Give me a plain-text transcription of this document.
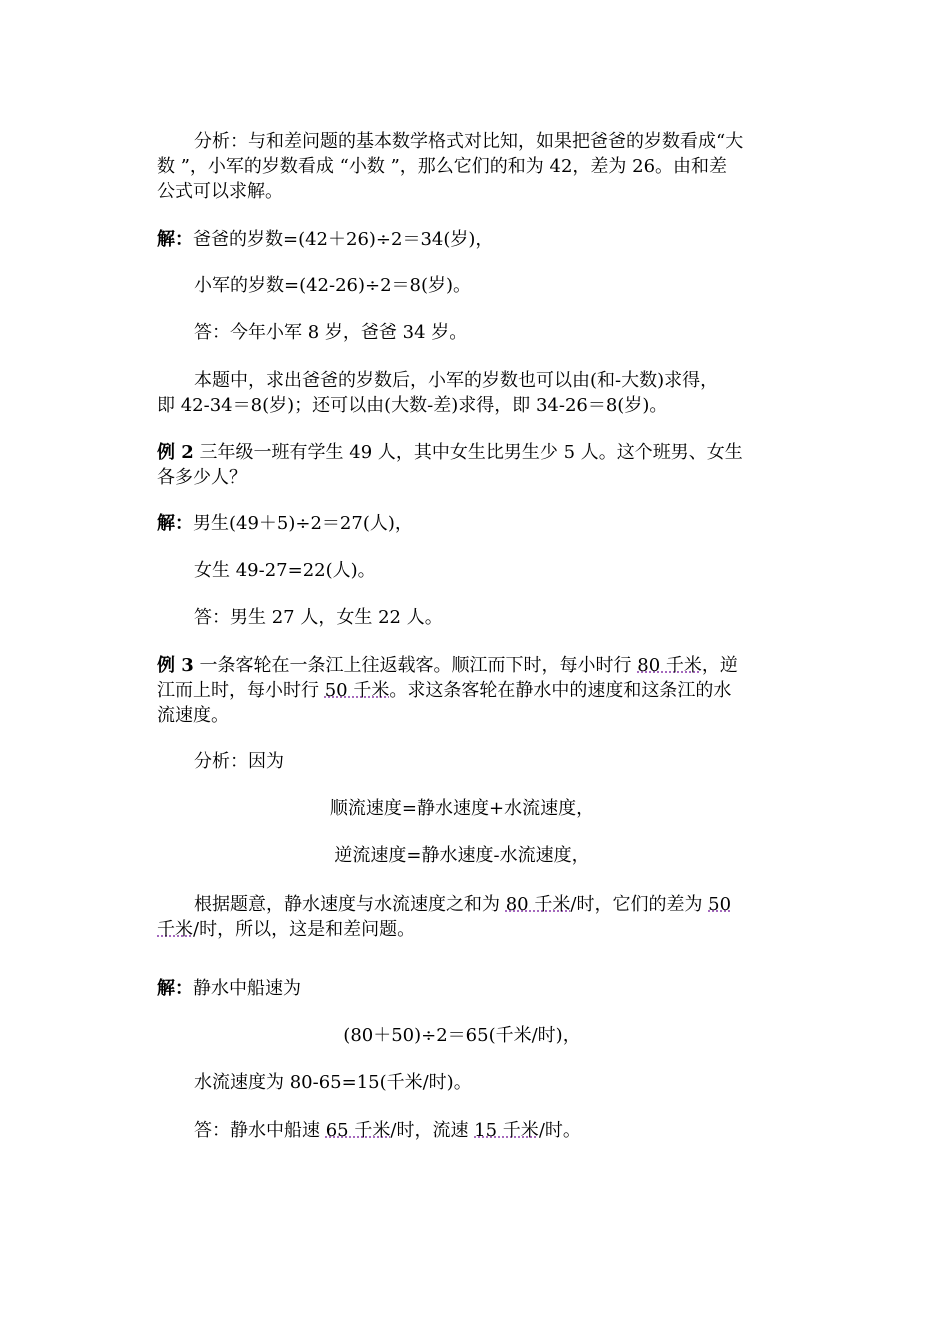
分析：与和差问题的基本数学格式对比知，如果把爸爸的岁数看成“大
数 ”，小军的岁数看成 “小数 ”，那么它们的和为 42，差为 26。由和差
公式可以求解。
解：爸爸的岁数=(42＋26)÷2＝34(岁)，
小军的岁数=(42-26)÷2＝8(岁)。
答：今年小军 8 岁，爸爸 34 岁。
本题中，求出爸爸的岁数后，小军的岁数也可以由(和-大数)求得，
即 42-34＝8(岁)；还可以由(大数-差)求得，即 34-26＝8(岁)。
例 2 三年级一班有学生 49 人，其中女生比男生少 5 人。这个班男、女生
各多少人？
解：男生(49＋5)÷2＝27(人)，
女生 49-27=22(人)。
答：男生 27 人，女生 22 人。
例 3 一条客轮在一条江上往返载客。顺江而下时，每小时行 80 千米，逆
江而上时，每小时行 50 千米。求这条客轮在静水中的速度和这条江的水
流速度。
分析：因为
顺流速度=静水速度+水流速度，
逆流速度=静水速度-水流速度，
根据题意，静水速度与水流速度之和为 80 千米/时，它们的差为 50
千米/时，所以，这是和差问题。
解：静水中船速为
(80＋50)÷2＝65(千米/时)，
水流速度为 80-65=15(千米/时)。
答：静水中船速 65 千米/时，流速 15 千米/时。
